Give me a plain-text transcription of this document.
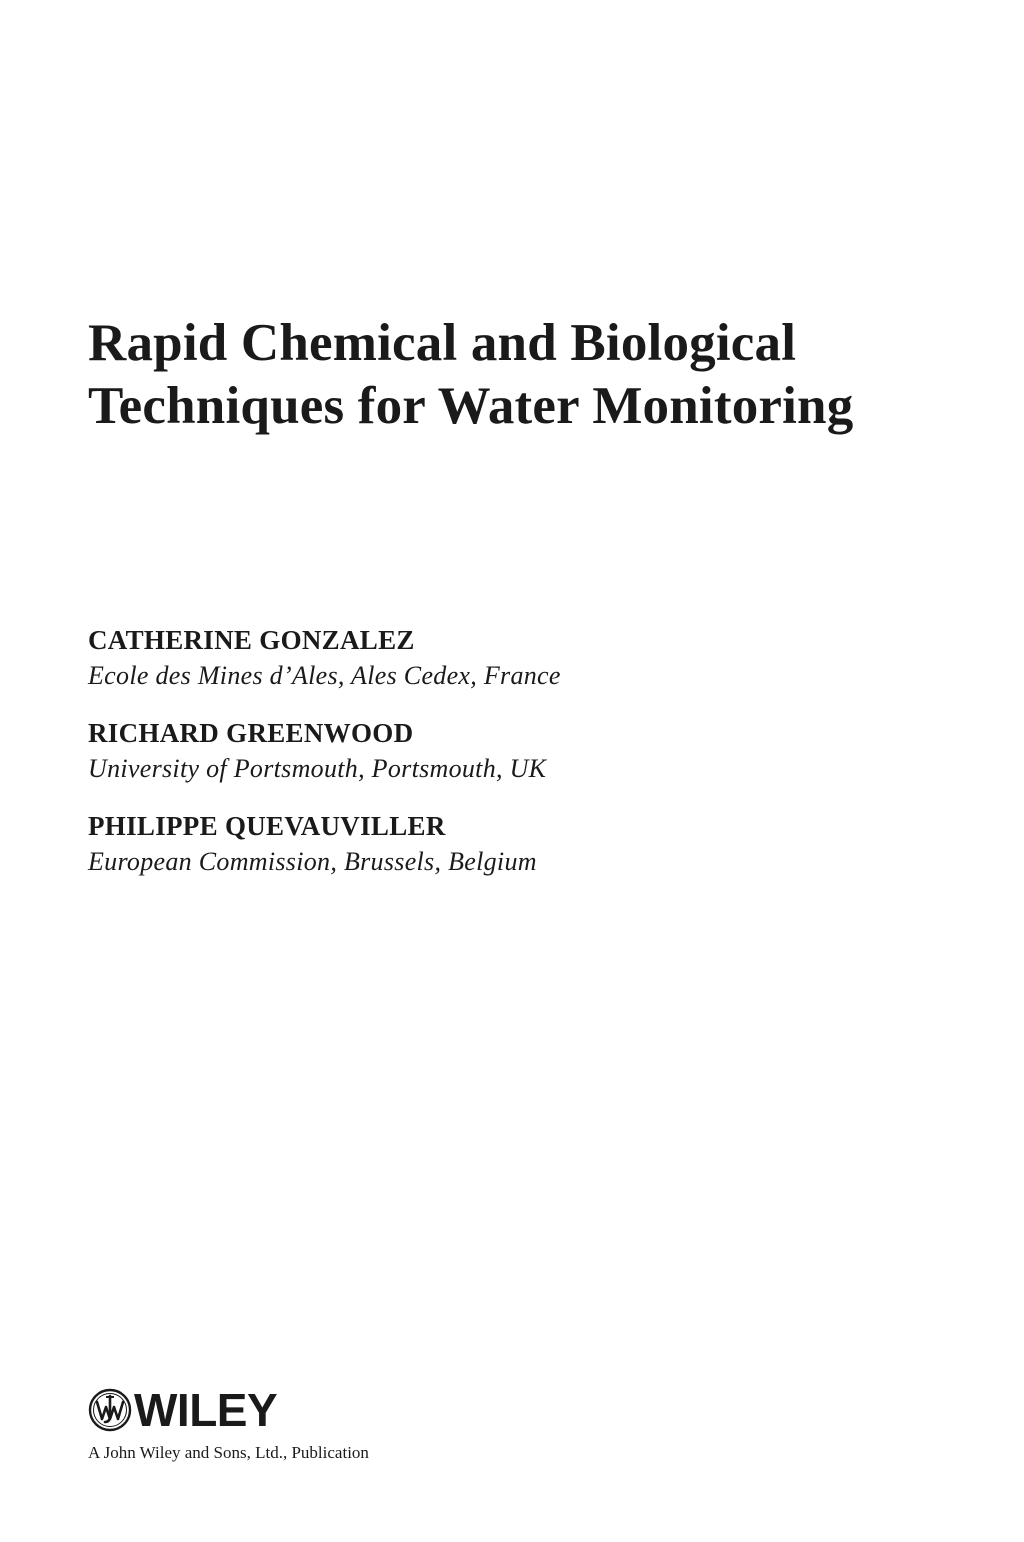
Rapid Chemical and Biological
Techniques for Water Monitoring
CATHERINE GONZALEZ
Ecole des Mines d’Ales, Ales Cedex, France
RICHARD GREENWOOD
University of Portsmouth, Portsmouth, UK
PHILIPPE QUEVAUVILLER
European Commission, Brussels, Belgium
WILEY
A John Wiley and Sons, Ltd., Publication
